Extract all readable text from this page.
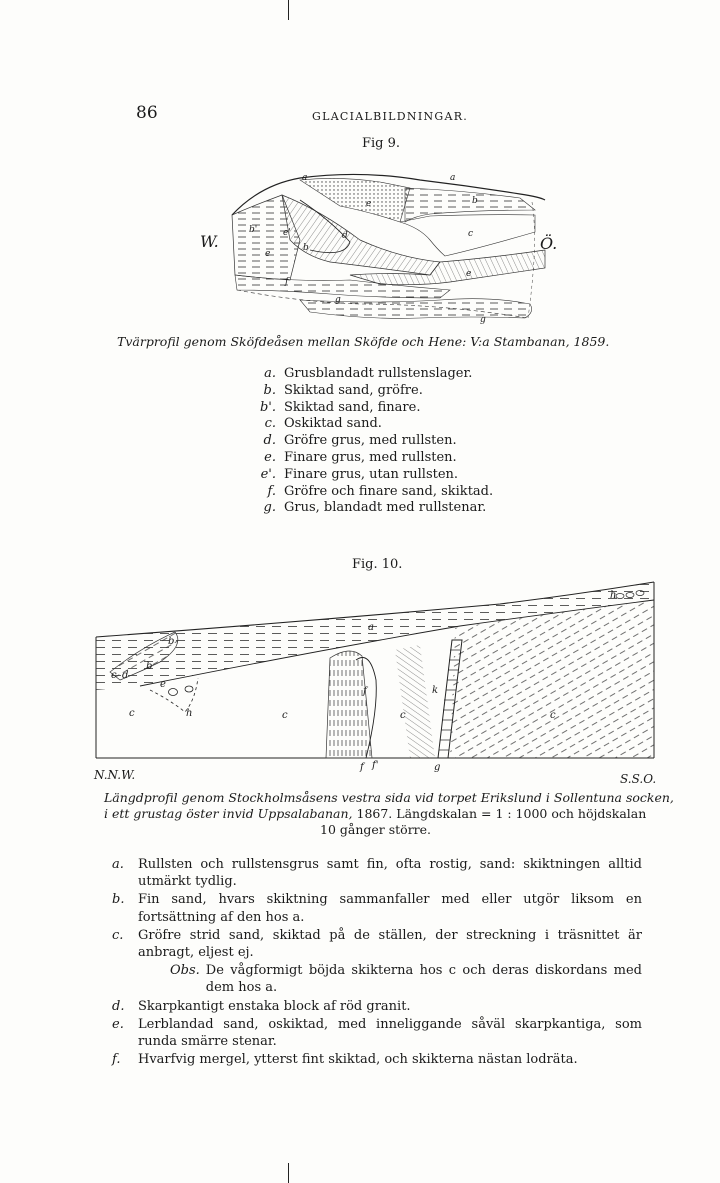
86	GLACIALBILDNINGAR.
Fig 9.
W.	Ö.
a	a
b
b'
b
c
e
e
e'	d
e
f
g
g
Tvärprofil genom Sköfdeåsen mellan Sköfde och Hene: V:a Stambanan, 1859.
a. Grusblandadt rullstenslager.
b. Skiktad sand, gröfre.
b'. Skiktad sand, finare.
c. Oskiktad sand.
d. Gröfre grus, med rullsten.
e. Finare grus, med rullsten.
e'. Finare grus, utan rullsten.
f. Gröfre och finare sand, skiktad.
g. Grus, blandadt med rullstenar.
Fig. 10.
a
b
b
c d
e
c	h	c	c
f	k
c
f f'	g
h
N.N.W.	S.S.O.
Längdprofil genom Stockholmsåsens vestra sida vid torpet Erikslund i Sollentuna socken,
i ett grustag öster invid Uppsalabanan, 1867. Längdskalan = 1 : 1000 och höjdskalan
10 gånger större.
a.	Rullsten och rullstensgrus samt fin, ofta rostig, sand: skiktningen alltid utmärkt tydlig.
b.	Fin sand, hvars skiktning sammanfaller med eller utgör liksom en fortsättning af den hos a.
c.	Gröfre strid sand, skiktad på de ställen, der streckning i träsnittet är anbragt, eljest ej.
Obs. De vågformigt böjda skikterna hos c och deras diskordans med dem hos a.
d.	Skarpkantigt enstaka block af röd granit.
e.	Lerblandad sand, oskiktad, med inneliggande såväl skarpkantiga, som runda smärre stenar.
f.	Hvarfvig mergel, ytterst fint skiktad, och skikterna nästan lodräta.
